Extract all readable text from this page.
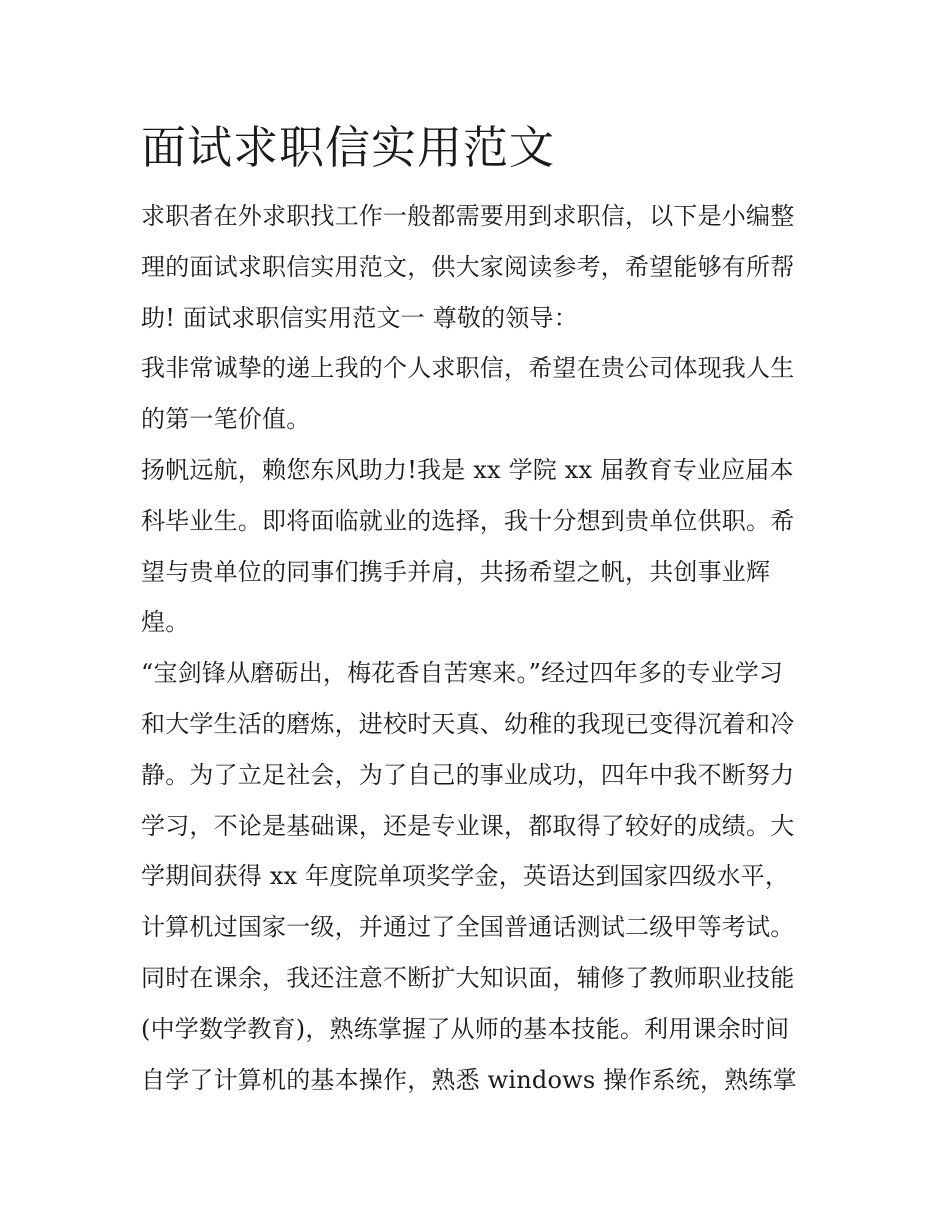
面试求职信实用范文
求职者在外求职找工作一般都需要用到求职信，以下是小编整
理的面试求职信实用范文，供大家阅读参考，希望能够有所帮
助! 面试求职信实用范文一 尊敬的领导：
我非常诚挚的递上我的个人求职信，希望在贵公司体现我人生
的第一笔价值。
扬帆远航，赖您东风助力!我是 xx 学院 xx 届教育专业应届本
科毕业生。即将面临就业的选择，我十分想到贵单位供职。希
望与贵单位的同事们携手并肩，共扬希望之帆，共创事业辉
煌。
“宝剑锋从磨砺出，梅花香自苦寒来。”经过四年多的专业学习
和大学生活的磨炼，进校时天真、幼稚的我现已变得沉着和冷
静。为了立足社会，为了自己的事业成功，四年中我不断努力
学习，不论是基础课，还是专业课，都取得了较好的成绩。大
学期间获得 xx 年度院单项奖学金，英语达到国家四级水平，
计算机过国家一级，并通过了全国普通话测试二级甲等考试。
同时在课余，我还注意不断扩大知识面，辅修了教师职业技能
(中学数学教育)，熟练掌握了从师的基本技能。利用课余时间
自学了计算机的基本操作，熟悉 windows 操作系统，熟练掌
